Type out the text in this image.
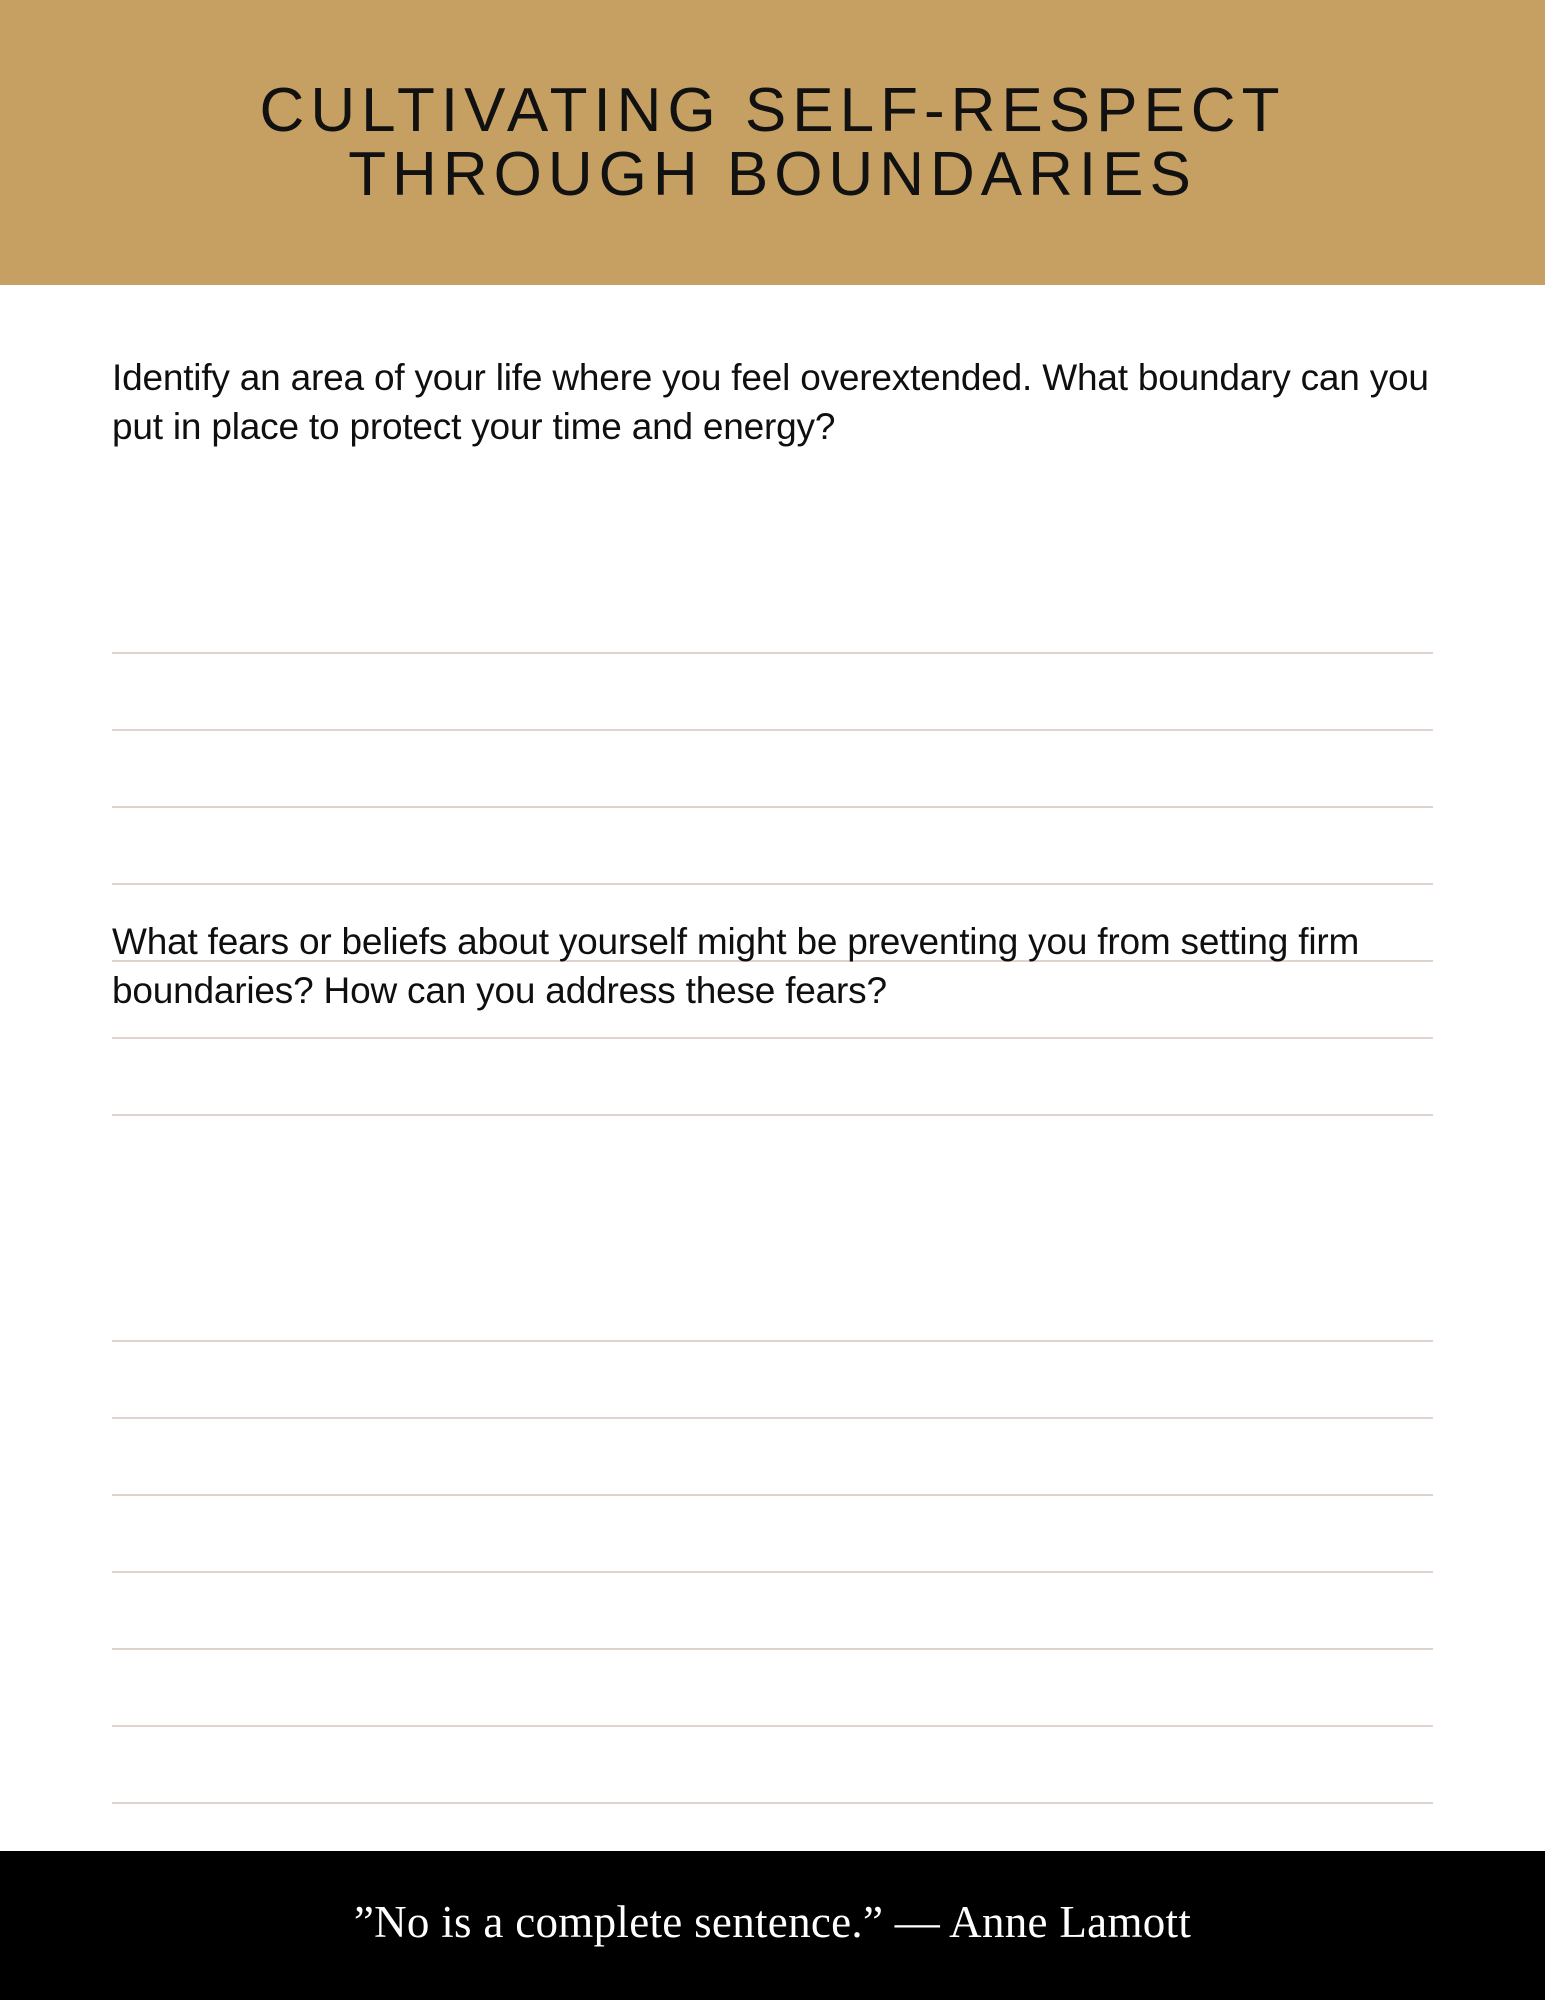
CULTIVATING SELF-RESPECT THROUGH BOUNDARIES

Identify an area of your life where you feel overextended. What boundary can you put in place to protect your time and energy?

What fears or beliefs about yourself might be preventing you from setting firm boundaries? How can you address these fears?

”No is a complete sentence.” — Anne Lamott
